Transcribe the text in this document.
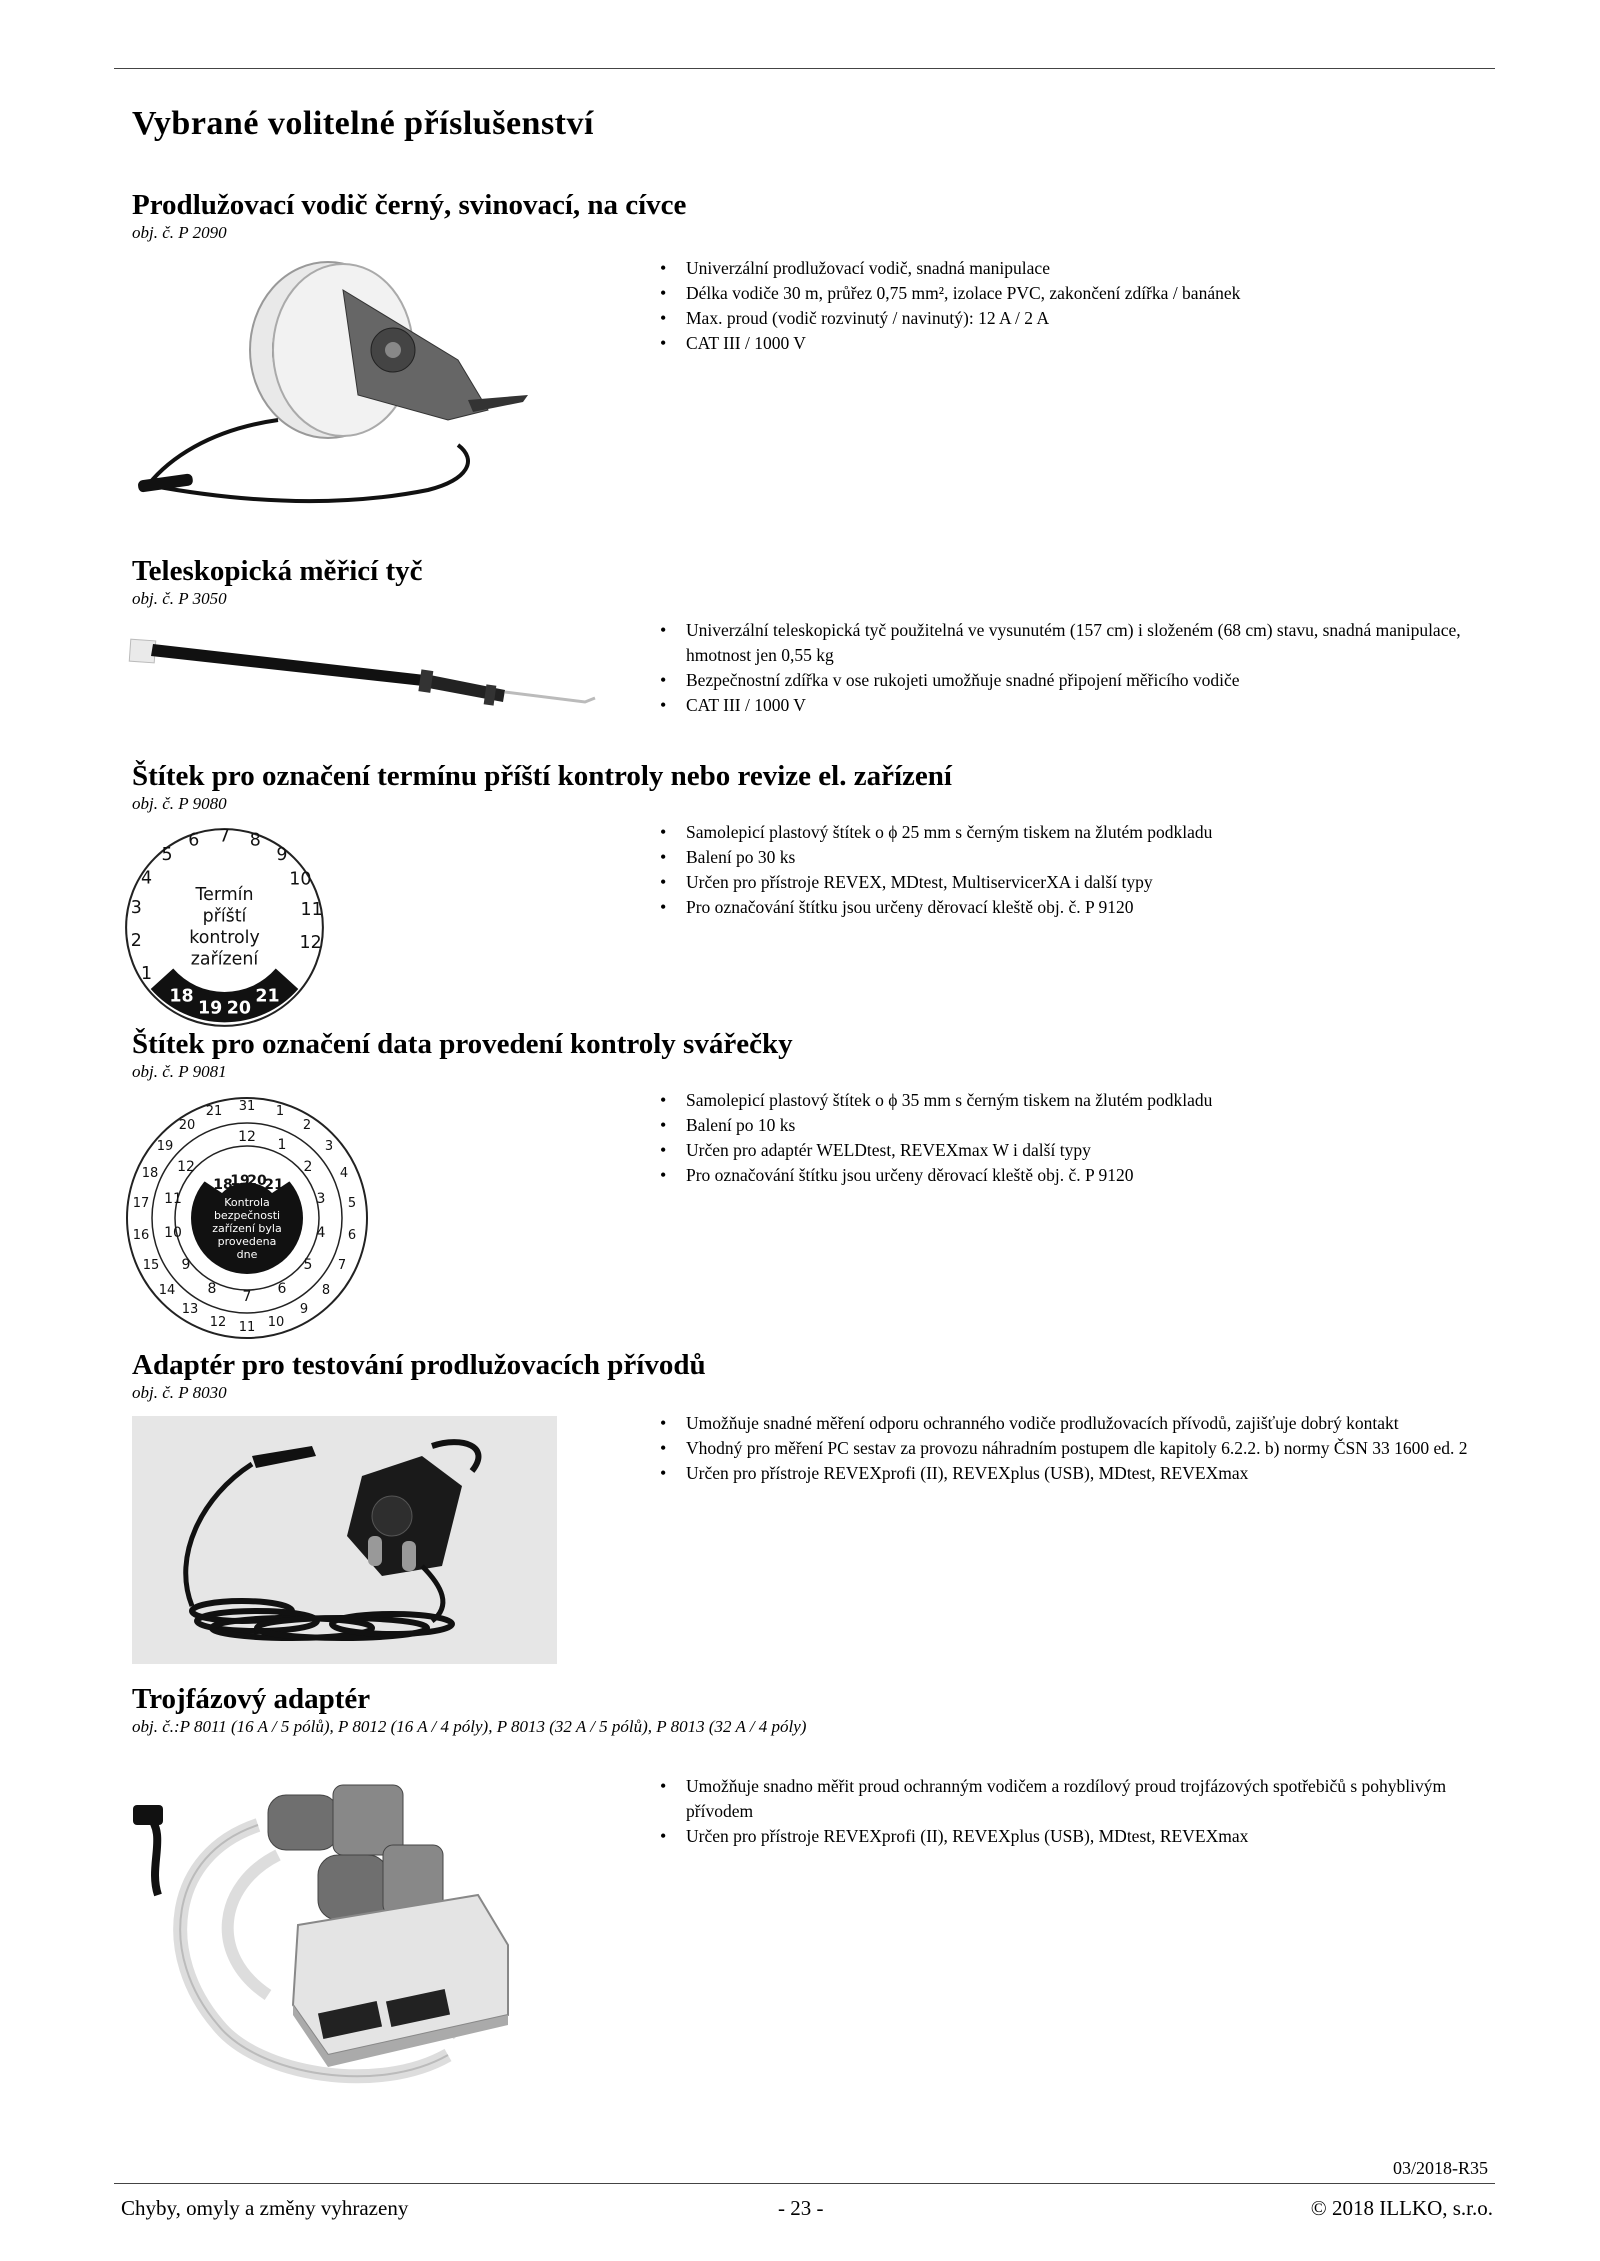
Vybrané volitelné příslušenství
Prodlužovací vodič černý, svinovací, na cívce
obj. č. P 2090
• Univerzální prodlužovací vodič, snadná manipulace
• Délka vodiče 30 m, průřez 0,75 mm², izolace PVC, zakončení zdířka / banánek
• Max. proud (vodič rozvinutý / navinutý): 12 A / 2 A
• CAT III / 1000 V
Teleskopická měřicí tyč
obj. č. P 3050
• Univerzální teleskopická tyč použitelná ve vysunutém (157 cm) i složeném (68 cm) stavu, snadná manipulace, hmotnost jen 0,55 kg
• Bezpečnostní zdířka v ose rukojeti umožňuje snadné připojení měřicího vodiče
• CAT III / 1000 V
Štítek pro označení termínu příští kontroly nebo revize el. zařízení
obj. č. P 9080
1
2
3
4
5
6 7 8
9
10
11
12
18
19 20
21
Termín
příští
kontroly
zařízení
• Samolepicí plastový štítek o ϕ 25 mm s černým tiskem na žlutém podkladu
• Balení po 30 ks
• Určen pro přístroje REVEX, MDtest, MultiservicerXA i další typy
• Pro označování štítku jsou určeny děrovací kleště obj. č. P 9120
Štítek pro označení data provedení kontroly svářečky
obj. č. P 9081
31 1
2
3
4
5
6
7
8
9
10
11
12
13
14
15
16
17
18
19
20
21
12 1
2
3
4
5
6
7
8
9
10
11
12
18
19
20
21
Kontrola
bezpečnosti
zařízení byla
provedena
dne
• Samolepicí plastový štítek o ϕ 35 mm s černým tiskem na žlutém podkladu
• Balení po 10 ks
• Určen pro adaptér WELDtest, REVEXmax W i další typy
• Pro označování štítku jsou určeny děrovací kleště obj. č. P 9120
Adaptér pro testování prodlužovacích přívodů
obj. č. P 8030
• Umožňuje snadné měření odporu ochranného vodiče prodlužovacích přívodů, zajišťuje dobrý kontakt
• Vhodný pro měření PC sestav za provozu náhradním postupem dle kapitoly 6.2.2. b) normy ČSN 33 1600 ed. 2
• Určen pro přístroje REVEXprofi (II), REVEXplus (USB), MDtest, REVEXmax
Trojfázový adaptér
obj. č.:P 8011 (16 A / 5 pólů), P 8012 (16 A / 4 póly), P 8013 (32 A / 5 pólů), P 8013 (32 A / 4 póly)
• Umožňuje snadno měřit proud ochranným vodičem a rozdílový proud trojfázových spotřebičů s pohyblivým přívodem
• Určen pro přístroje REVEXprofi (II), REVEXplus (USB), MDtest, REVEXmax
03/2018-R35
Chyby, omyly a změny vyhrazeny	- 23 -	© 2018 ILLKO, s.r.o.
